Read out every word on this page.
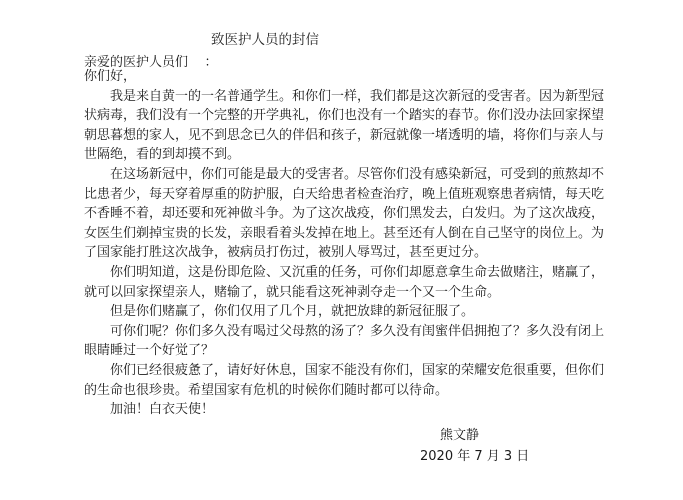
致医护人员的封信
亲爱的医护人员们    ：

你们好，

我是来自黄一的一名普通学生。和你们一样，我们都是这次新冠的受害者。因为新型冠状病毒，我们没有一个完整的开学典礼，你们也没有一个踏实的春节。你们没办法回家探望朝思暮想的家人，见不到思念已久的伴侣和孩子，新冠就像一堵透明的墙，将你们与亲人与世隔绝，看的到却摸不到。

在这场新冠中，你们可能是最大的受害者。尽管你们没有感染新冠，可受到的煎熬却不比患者少，每天穿着厚重的防护服，白天给患者检查治疗，晚上值班观察患者病情，每天吃不香睡不着，却还要和死神做斗争。为了这次战疫，你们黑发去，白发归。为了这次战疫，女医生们剃掉宝贵的长发，亲眼看着头发掉在地上。甚至还有人倒在自己坚守的岗位上。为了国家能打胜这次战争，被病员打伤过，被别人辱骂过，甚至更过分。

你们明知道，这是份即危险、又沉重的任务，可你们却愿意拿生命去做赌注，赌赢了，就可以回家探望亲人，赌输了，就只能看这死神剥夺走一个又一个生命。

但是你们赌赢了，你们仅用了几个月，就把放肆的新冠征服了。

可你们呢？你们多久没有喝过父母熬的汤了？多久没有闺蜜伴侣拥抱了？多久没有闭上眼睛睡过一个好觉了？

你们已经很疲惫了，请好好休息，国家不能没有你们，国家的荣耀安危很重要，但你们的生命也很珍贵。希望国家有危机的时候你们随时都可以待命。

加油！白衣天使！

熊文静
2020 年 7 月 3 日
